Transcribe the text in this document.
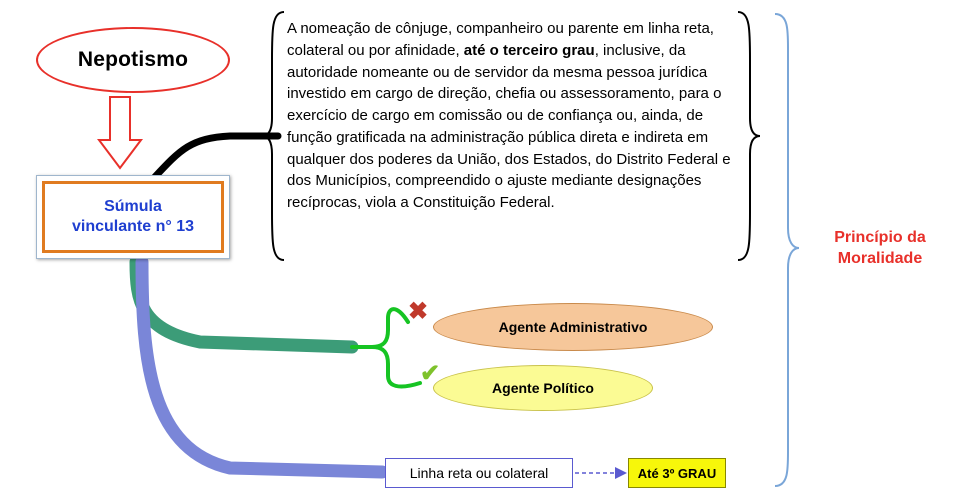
Nepotismo
Súmula
vinculante n° 13
A nomeação de cônjuge, companheiro ou parente em linha reta, colateral ou por afinidade, até o terceiro grau, inclusive, da autoridade nomeante ou de servidor da mesma pessoa jurídica investido em cargo de direção, chefia ou assessoramento, para o exercício de cargo em comissão ou de confiança ou, ainda, de função gratificada na administração pública direta e indireta em qualquer dos poderes da União, dos Estados, do Distrito Federal e dos Municípios, compreendido o ajuste mediante designações recíprocas, viola a Constituição Federal.
Princípio da
Moralidade
✖
✔
Agente Administrativo
Agente Político
Linha reta ou colateral	Até 3º GRAU
